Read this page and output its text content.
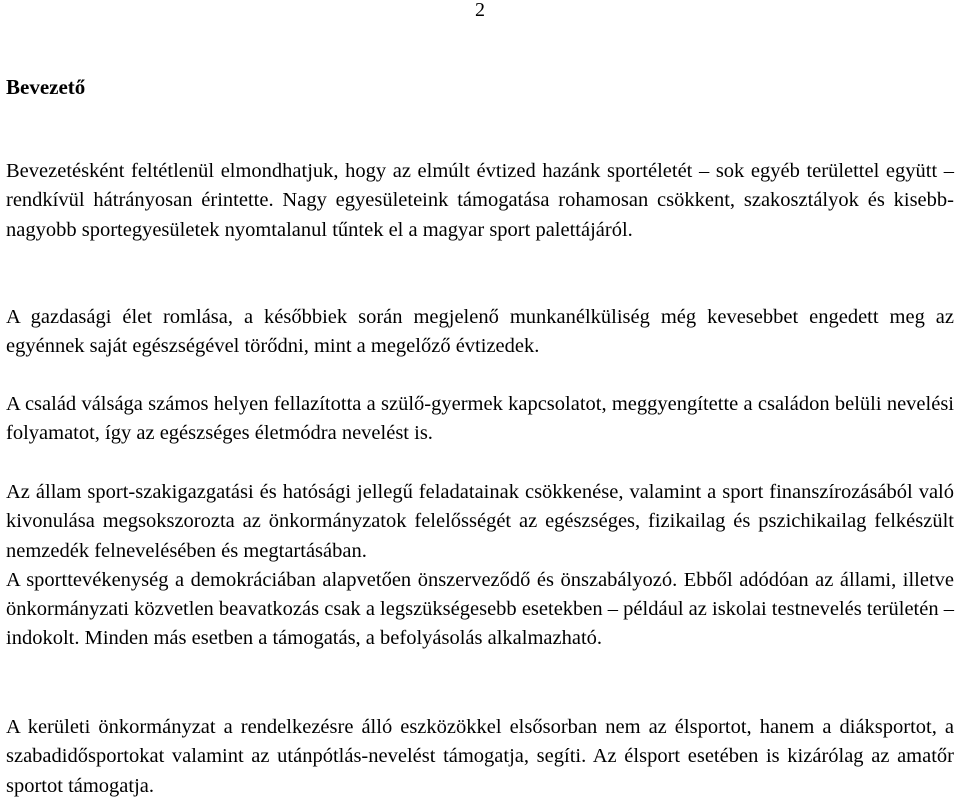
2
Bevezető

Bevezetésként feltétlenül elmondhatjuk, hogy az elmúlt évtized hazánk sportéletét – sok egyéb területtel együtt – rendkívül hátrányosan érintette. Nagy egyesületeink támogatása rohamosan csökkent, szakosztályok és kisebb-nagyobb sportegyesületek nyomtalanul tűntek el a magyar sport palettájáról.

A gazdasági élet romlása, a későbbiek során megjelenő munkanélküliség még kevesebbet engedett meg az egyénnek saját egészségével törődni, mint a megelőző évtizedek.

A család válsága számos helyen fellazította a szülő-gyermek kapcsolatot, meggyengítette a családon belüli nevelési folyamatot, így az egészséges életmódra nevelést is.

Az állam sport-szakigazgatási és hatósági jellegű feladatainak csökkenése, valamint a sport finanszírozásából való kivonulása megsokszorozta az önkormányzatok felelősségét az egészséges, fizikailag és pszichikailag felkészült nemzedék felnevelésében és megtartásában.

A sporttevékenység a demokráciában alapvetően önszerveződő és önszabályozó. Ebből adódóan az állami, illetve önkormányzati közvetlen beavatkozás csak a legszükségesebb esetekben – például az iskolai testnevelés területén – indokolt. Minden más esetben a támogatás, a befolyásolás alkalmazható.

A kerületi önkormányzat a rendelkezésre álló eszközökkel elsősorban nem az élsportot, hanem a diáksportot, a szabadidősportokat valamint az utánpótlás-nevelést támogatja, segíti. Az élsport esetében is kizárólag az amatőr sportot támogatja.
